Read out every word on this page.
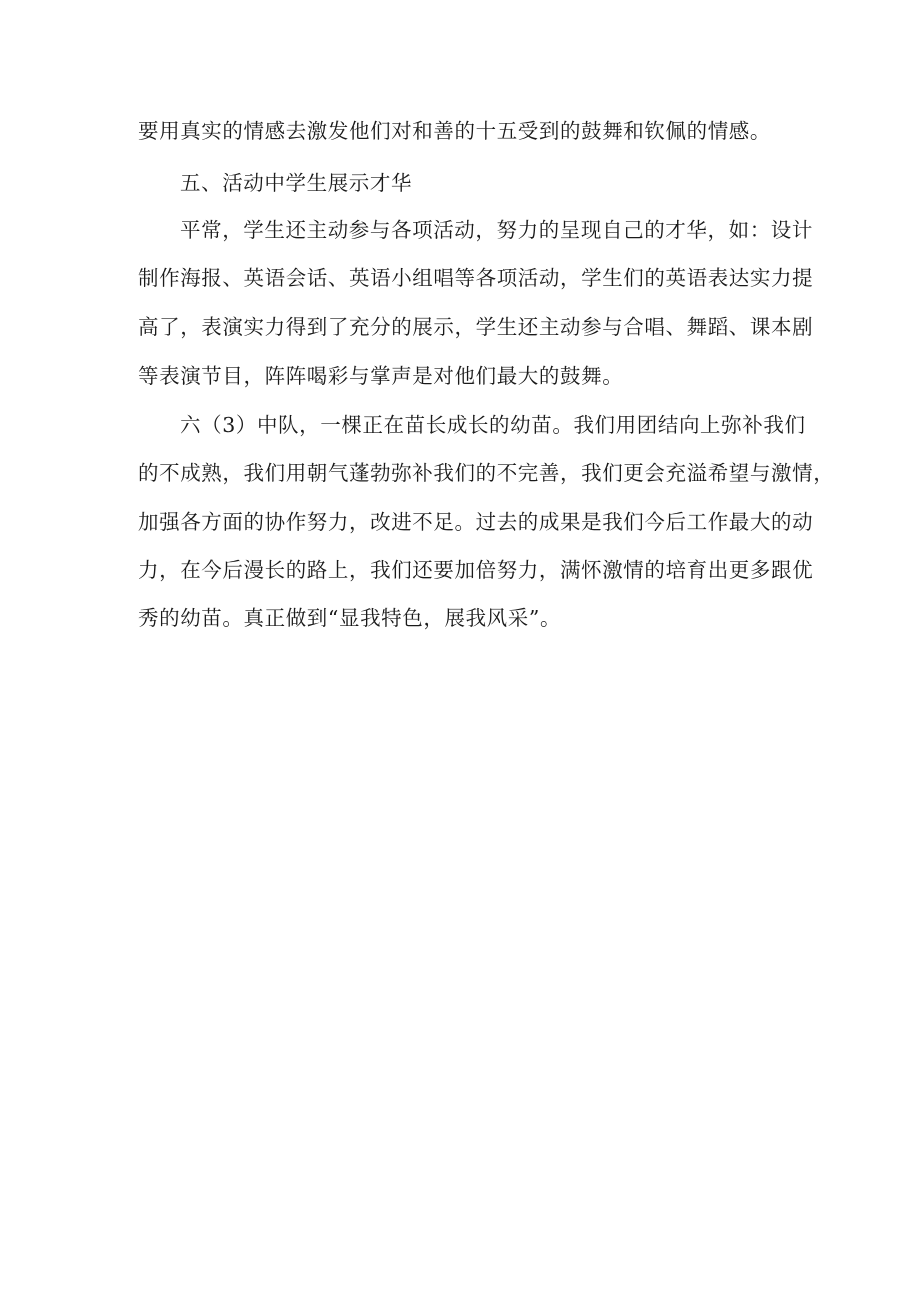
要用真实的情感去激发他们对和善的十五受到的鼓舞和钦佩的情感。
五、活动中学生展示才华
平常，学生还主动参与各项活动，努力的呈现自己的才华，如：设计
制作海报、英语会话、英语小组唱等各项活动，学生们的英语表达实力提
高了，表演实力得到了充分的展示，学生还主动参与合唱、舞蹈、课本剧
等表演节目，阵阵喝彩与掌声是对他们最大的鼓舞。
六（3）中队，一棵正在苗长成长的幼苗。我们用团结向上弥补我们
的不成熟，我们用朝气蓬勃弥补我们的不完善，我们更会充溢希望与激情，
加强各方面的协作努力，改进不足。过去的成果是我们今后工作最大的动
力，在今后漫长的路上，我们还要加倍努力，满怀激情的培育出更多跟优
秀的幼苗。真正做到“显我特色，展我风采”。
